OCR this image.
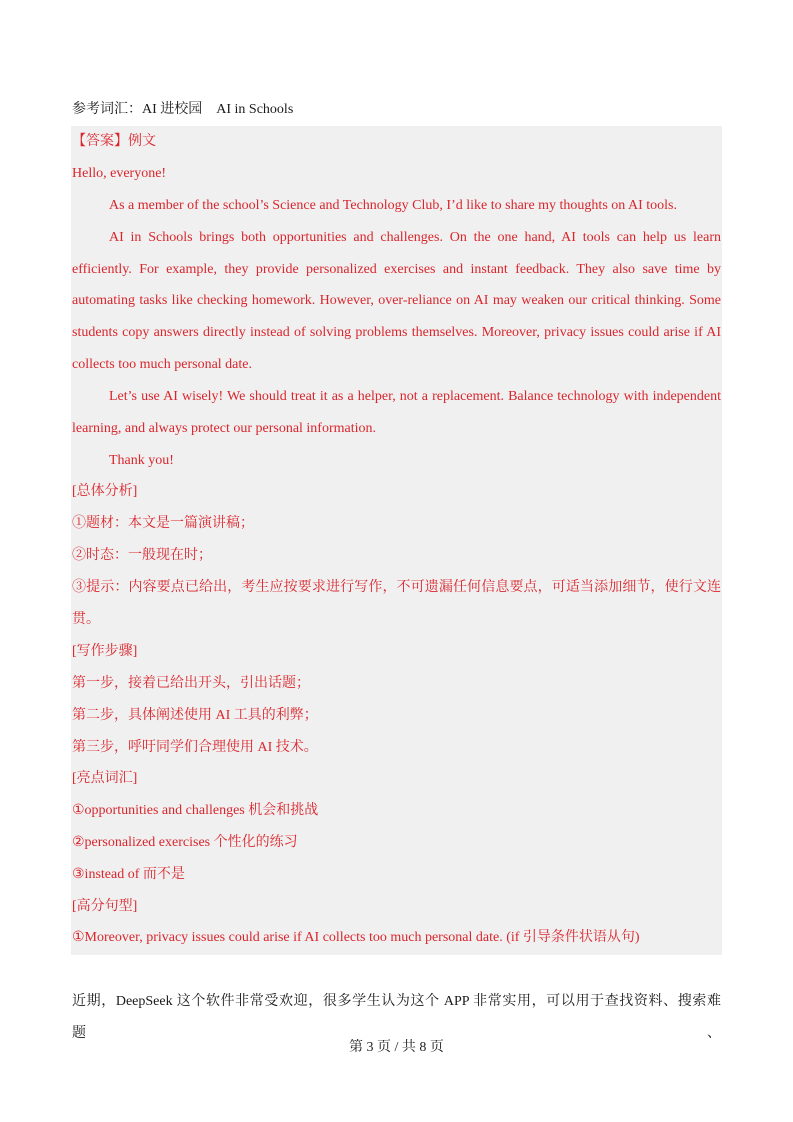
参考词汇：AI 进校园　AI in Schools
【答案】例文
Hello, everyone!
As a member of the school’s Science and Technology Club, I’d like to share my thoughts on AI tools.
AI in Schools brings both opportunities and challenges. On the one hand, AI tools can help us learn
efficiently. For example, they provide personalized exercises and instant feedback. They also save time by
automating tasks like checking homework. However, over-reliance on AI may weaken our critical thinking. Some
students copy answers directly instead of solving problems themselves. Moreover, privacy issues could arise if AI
collects too much personal date.
Let’s use AI wisely! We should treat it as a helper, not a replacement. Balance technology with independent
learning, and always protect our personal information.
Thank you!
[总体分析]
①题材：本文是一篇演讲稿；
②时态：一般现在时；
③提示：内容要点已给出，考生应按要求进行写作，不可遗漏任何信息要点，可适当添加细节，使行文连
贯。
[写作步骤]
第一步，接着已给出开头，引出话题；
第二步，具体阐述使用 AI 工具的利弊；
第三步，呼吁同学们合理使用 AI 技术。
[亮点词汇]
①opportunities and challenges 机会和挑战
②personalized exercises 个性化的练习
③instead of 而不是
[高分句型]
①Moreover, privacy issues could arise if AI collects too much personal date. (if 引导条件状语从句)
近期，DeepSeek 这个软件非常受欢迎，很多学生认为这个 APP 非常实用，可以用于查找资料、搜索难题、
第 3 页 / 共 8 页
